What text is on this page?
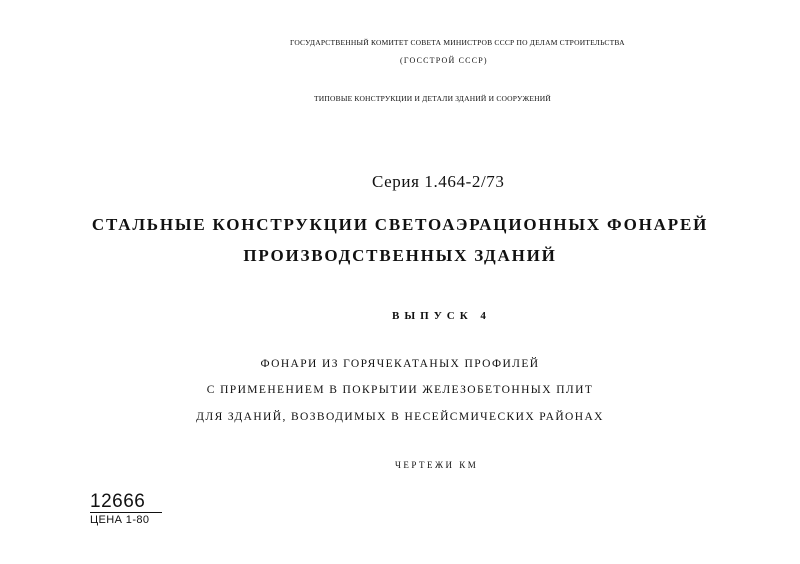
ГОСУДАРСТВЕННЫЙ КОМИТЕТ СОВЕТА МИНИСТРОВ СССР ПО ДЕЛАМ СТРОИТЕЛЬСТВА
(ГОССТРОЙ СССР)
ТИПОВЫЕ КОНСТРУКЦИИ И ДЕТАЛИ ЗДАНИЙ И СООРУЖЕНИЙ
Серия 1.464-2/73
СТАЛЬНЫЕ КОНСТРУКЦИИ СВЕТОАЭРАЦИОННЫХ ФОНАРЕЙ
ПРОИЗВОДСТВЕННЫХ ЗДАНИЙ
ВЫПУСК 4
ФОНАРИ ИЗ ГОРЯЧЕКАТАНЫХ ПРОФИЛЕЙ
С ПРИМЕНЕНИЕМ В ПОКРЫТИИ ЖЕЛЕЗОБЕТОННЫХ ПЛИТ
ДЛЯ ЗДАНИЙ, ВОЗВОДИМЫХ В НЕСЕЙСМИЧЕСКИХ РАЙОНАХ
ЧЕРТЕЖИ КМ
12666
ЦЕНА 1-80
